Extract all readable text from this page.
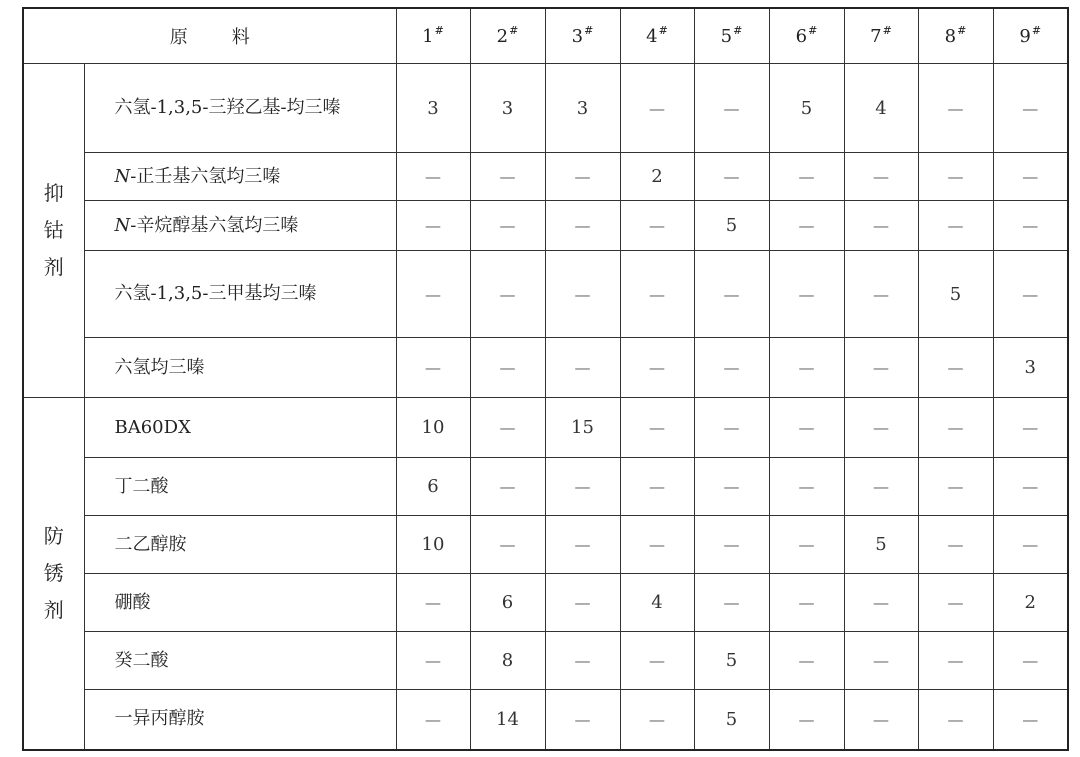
原 料		1#	2#	3#	4#	5#	6#	7#	8#	9#

抑
钴
剂	六氢-1,3,5-三羟乙基-均三嗪	3	3	3	—	—	5	4	—	—
	N-正壬基六氢均三嗪	—	—	—	2	—	—	—	—	—
	N-辛烷醇基六氢均三嗪	—	—	—	—	5	—	—	—	—
	六氢-1,3,5-三甲基均三嗪	—	—	—	—	—	—	—	5	—
	六氢均三嗪	—	—	—	—	—	—	—	—	3

防
锈
剂	BA60DX	10	—	15	—	—	—	—	—	—
	丁二酸	6	—	—	—	—	—	—	—	—
	二乙醇胺	10	—	—	—	—	—	5	—	—
	硼酸	—	6	—	4	—	—	—	—	2
	癸二酸	—	8	—	—	5	—	—	—	—
	一异丙醇胺	—	14	—	—	5	—	—	—	—
